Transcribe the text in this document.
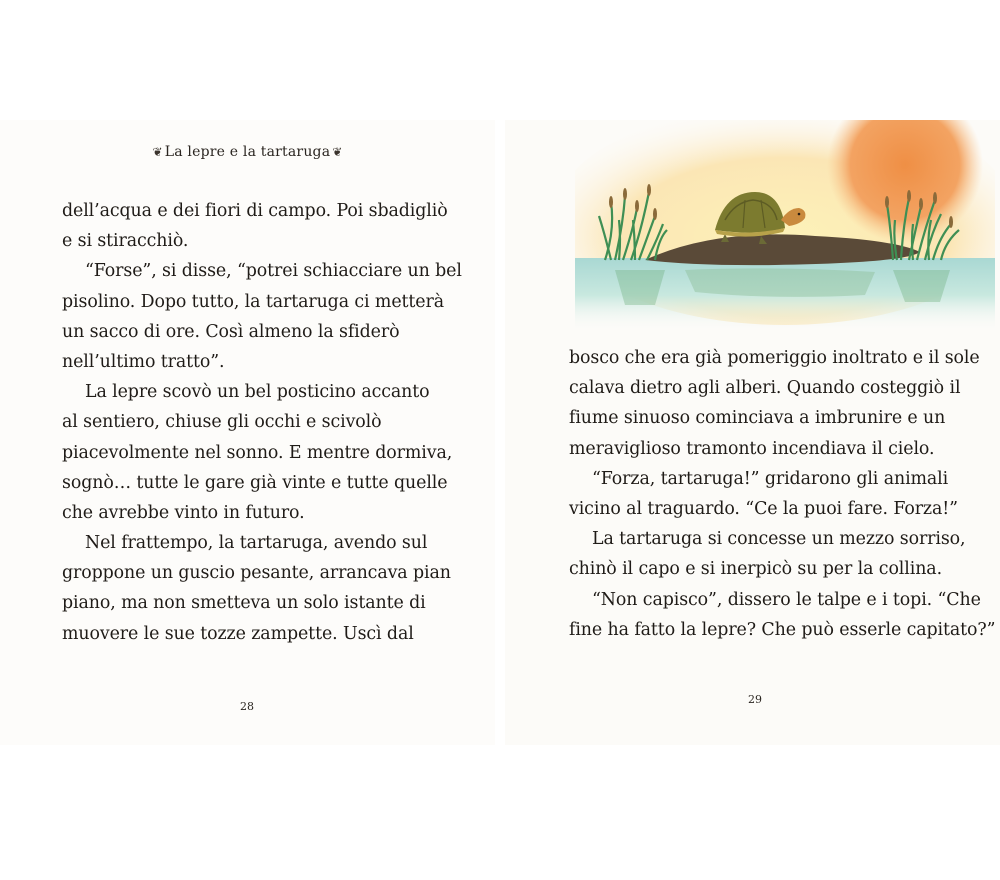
❦ La lepre e la tartaruga ❦
dell’acqua e dei fiori di campo. Poi sbadigliò
e si stiracchiò.
“Forse”, si disse, “potrei schiacciare un bel
pisolino. Dopo tutto, la tartaruga ci metterà
un sacco di ore. Così almeno la sfiderò
nell’ultimo tratto”.
La lepre scovò un bel posticino accanto
al sentiero, chiuse gli occhi e scivolò
piacevolmente nel sonno. E mentre dormiva,
sognò… tutte le gare già vinte e tutte quelle
che avrebbe vinto in futuro.
Nel frattempo, la tartaruga, avendo sul
groppone un guscio pesante, arrancava pian
piano, ma non smetteva un solo istante di
muovere le sue tozze zampette. Uscì dal
28
bosco che era già pomeriggio inoltrato e il sole
calava dietro agli alberi. Quando costeggiò il
fiume sinuoso cominciava a imbrunire e un
meraviglioso tramonto incendiava il cielo.
“Forza, tartaruga!” gridarono gli animali
vicino al traguardo. “Ce la puoi fare. Forza!”
La tartaruga si concesse un mezzo sorriso,
chinò il capo e si inerpicò su per la collina.
“Non capisco”, dissero le talpe e i topi. “Che
fine ha fatto la lepre? Che può esserle capitato?”
29
